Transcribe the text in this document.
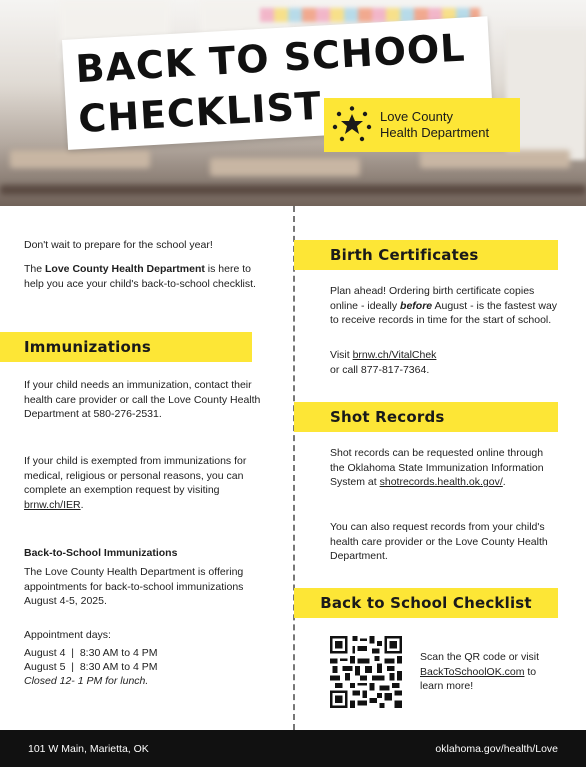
BACK TO SCHOOL
CHECKLIST	Love County
Health Department

Don't wait to prepare for the school year!

The Love County Health Department is here to help you ace your child's back-to-school checklist.

Immunizations

If your child needs an immunization, contact their health care provider or call the Love County Health Department at 580-276-2531.

If your child is exempted from immunizations for medical, religious or personal reasons, you can complete an exemption request by visiting brnw.ch/IER.

Back-to-School Immunizations

The Love County Health Department is offering appointments for back-to-school immunizations August 4-5, 2025.

Appointment days:

August 4  |  8:30 AM to 4 PM

August 5  |  8:30 AM to 4 PM

Closed 12- 1 PM for lunch.

Birth Certificates

Plan ahead! Ordering birth certificate copies online - ideally before August - is the fastest way to receive records in time for the start of school.

Visit brnw.ch/VitalChek

or call 877-817-7364.

Shot Records

Shot records can be requested online through the Oklahoma State Immunization Information System at shotrecords.health.ok.gov/.

You can also request records from your child's health care provider or the Love County Health Department.

Back to School Checklist

Scan the QR code or visit
BackToSchoolOK.com to learn more!

101 W Main, Marietta, OK	oklahoma.gov/health/Love
